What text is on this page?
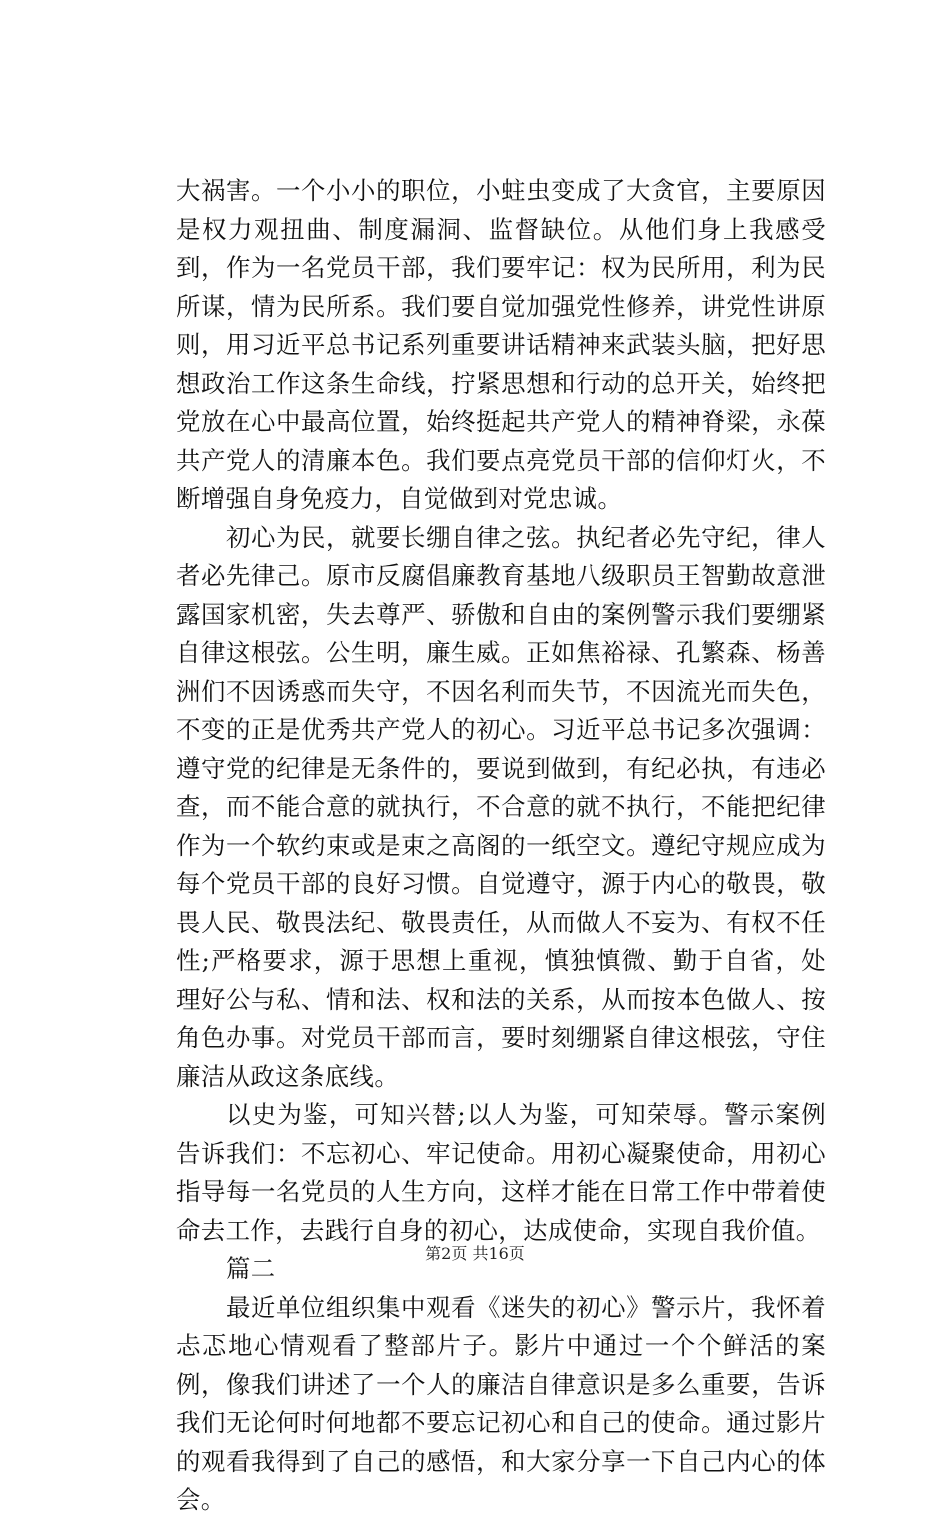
大祸害。一个小小的职位，小蛀虫变成了大贪官，主要原因是权力观扭曲、制度漏洞、监督缺位。从他们身上我感受到，作为一名党员干部，我们要牢记：权为民所用，利为民所谋，情为民所系。我们要自觉加强党性修养，讲党性讲原则，用习近平总书记系列重要讲话精神来武装头脑，把好思想政治工作这条生命线，拧紧思想和行动的总开关，始终把党放在心中最高位置，始终挺起共产党人的精神脊梁，永葆共产党人的清廉本色。我们要点亮党员干部的信仰灯火，不断增强自身免疫力，自觉做到对党忠诚。

初心为民，就要长绷自律之弦。执纪者必先守纪，律人者必先律己。原市反腐倡廉教育基地八级职员王智勤故意泄露国家机密，失去尊严、骄傲和自由的案例警示我们要绷紧自律这根弦。公生明，廉生威。正如焦裕禄、孔繁森、杨善洲们不因诱惑而失守，不因名利而失节，不因流光而失色，不变的正是优秀共产党人的初心。习近平总书记多次强调：遵守党的纪律是无条件的，要说到做到，有纪必执，有违必查，而不能合意的就执行，不合意的就不执行，不能把纪律作为一个软约束或是束之高阁的一纸空文。遵纪守规应成为每个党员干部的良好习惯。自觉遵守，源于内心的敬畏，敬畏人民、敬畏法纪、敬畏责任，从而做人不妄为、有权不任性;严格要求，源于思想上重视，慎独慎微、勤于自省，处理好公与私、情和法、权和法的关系，从而按本色做人、按角色办事。对党员干部而言，要时刻绷紧自律这根弦，守住廉洁从政这条底线。

以史为鉴，可知兴替;以人为鉴，可知荣辱。警示案例告诉我们：不忘初心、牢记使命。用初心凝聚使命，用初心指导每一名党员的人生方向，这样才能在日常工作中带着使命去工作，去践行自身的初心，达成使命，实现自我价值。

篇二

最近单位组织集中观看《迷失的初心》警示片，我怀着忐忑地心情观看了整部片子。影片中通过一个个鲜活的案例，像我们讲述了一个人的廉洁自律意识是多么重要，告诉我们无论何时何地都不要忘记初心和自己的使命。通过影片的观看我得到了自己的感悟，和大家分享一下自己内心的体会。

第2页 共16页
